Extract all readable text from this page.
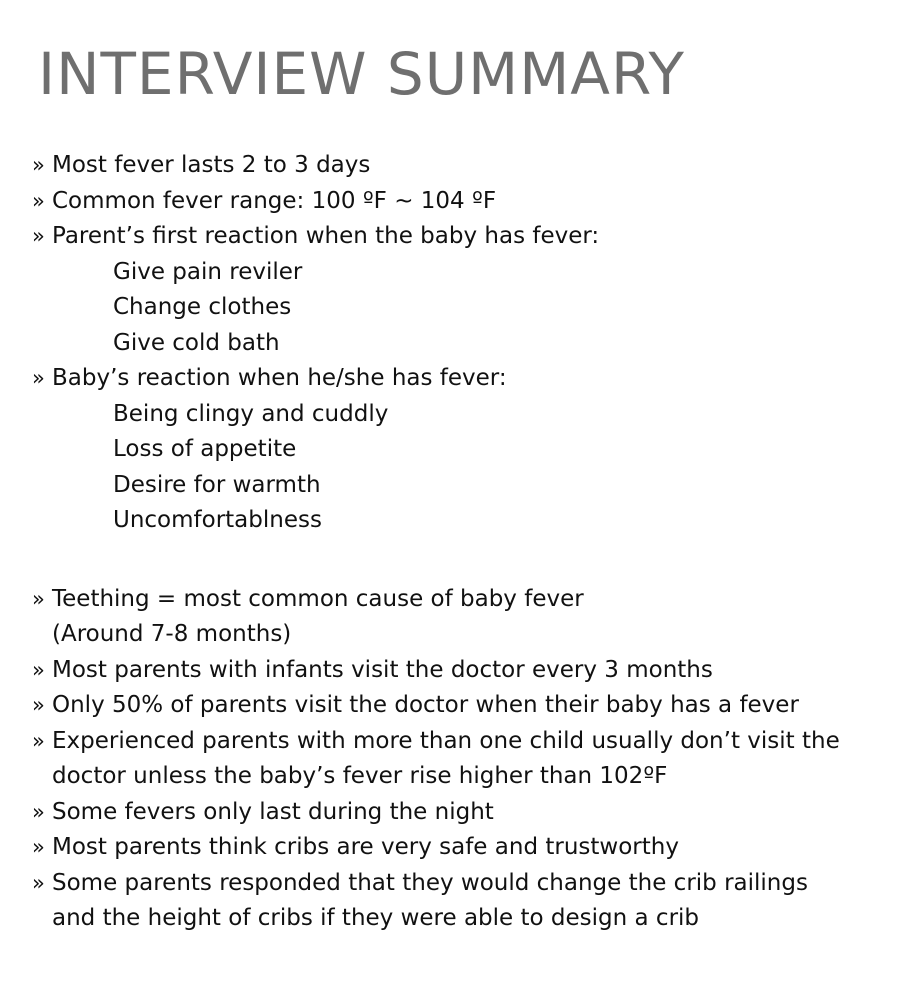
INTERVIEW SUMMARY
» Most fever lasts 2 to 3 days
» Common fever range: 100 ºF ~ 104 ºF
» Parent’s first reaction when the baby has fever:
Give pain reviler
Change clothes
Give cold bath
» Baby’s reaction when he/she has fever:
Being clingy and cuddly
Loss of appetite
Desire for warmth
Uncomfortablness
» Teething = most common cause of baby fever
(Around 7-8 months)
» Most parents with infants visit the doctor every 3 months
» Only 50% of parents visit the doctor when their baby has a fever
» Experienced parents with more than one child usually don’t visit the
doctor unless the baby’s fever rise higher than 102ºF
» Some fevers only last during the night
» Most parents think cribs are very safe and trustworthy
» Some parents responded that they would change the crib railings
and the height of cribs if they were able to design a crib
